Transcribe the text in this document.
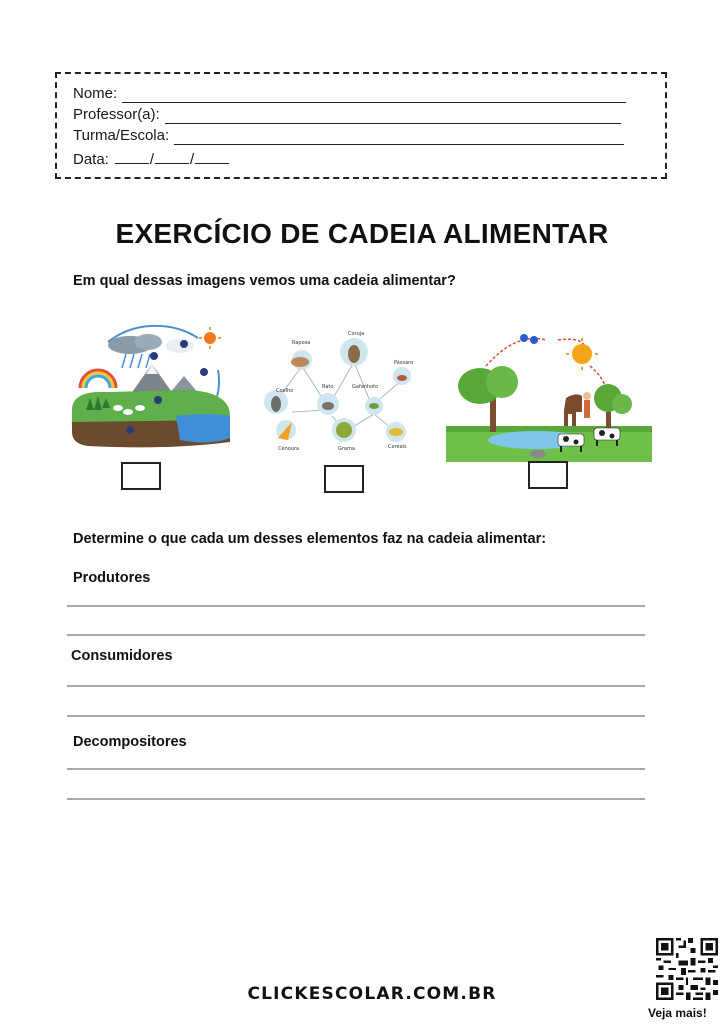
Nome:
Professor(a):
Turma/Escola:
Data:	/ /
EXERCÍCIO DE CADEIA ALIMENTAR
Em qual dessas imagens vemos uma cadeia alimentar?
Raposa
Coruja
Pássaro
Coelho
Rato	Gafanhoto
Cenoura	Grama	Cereais
Determine o que cada um desses elementos faz na cadeia alimentar:
Produtores
Consumidores
Decompositores
CLICKESCOLAR.COM.BR
Veja mais!
